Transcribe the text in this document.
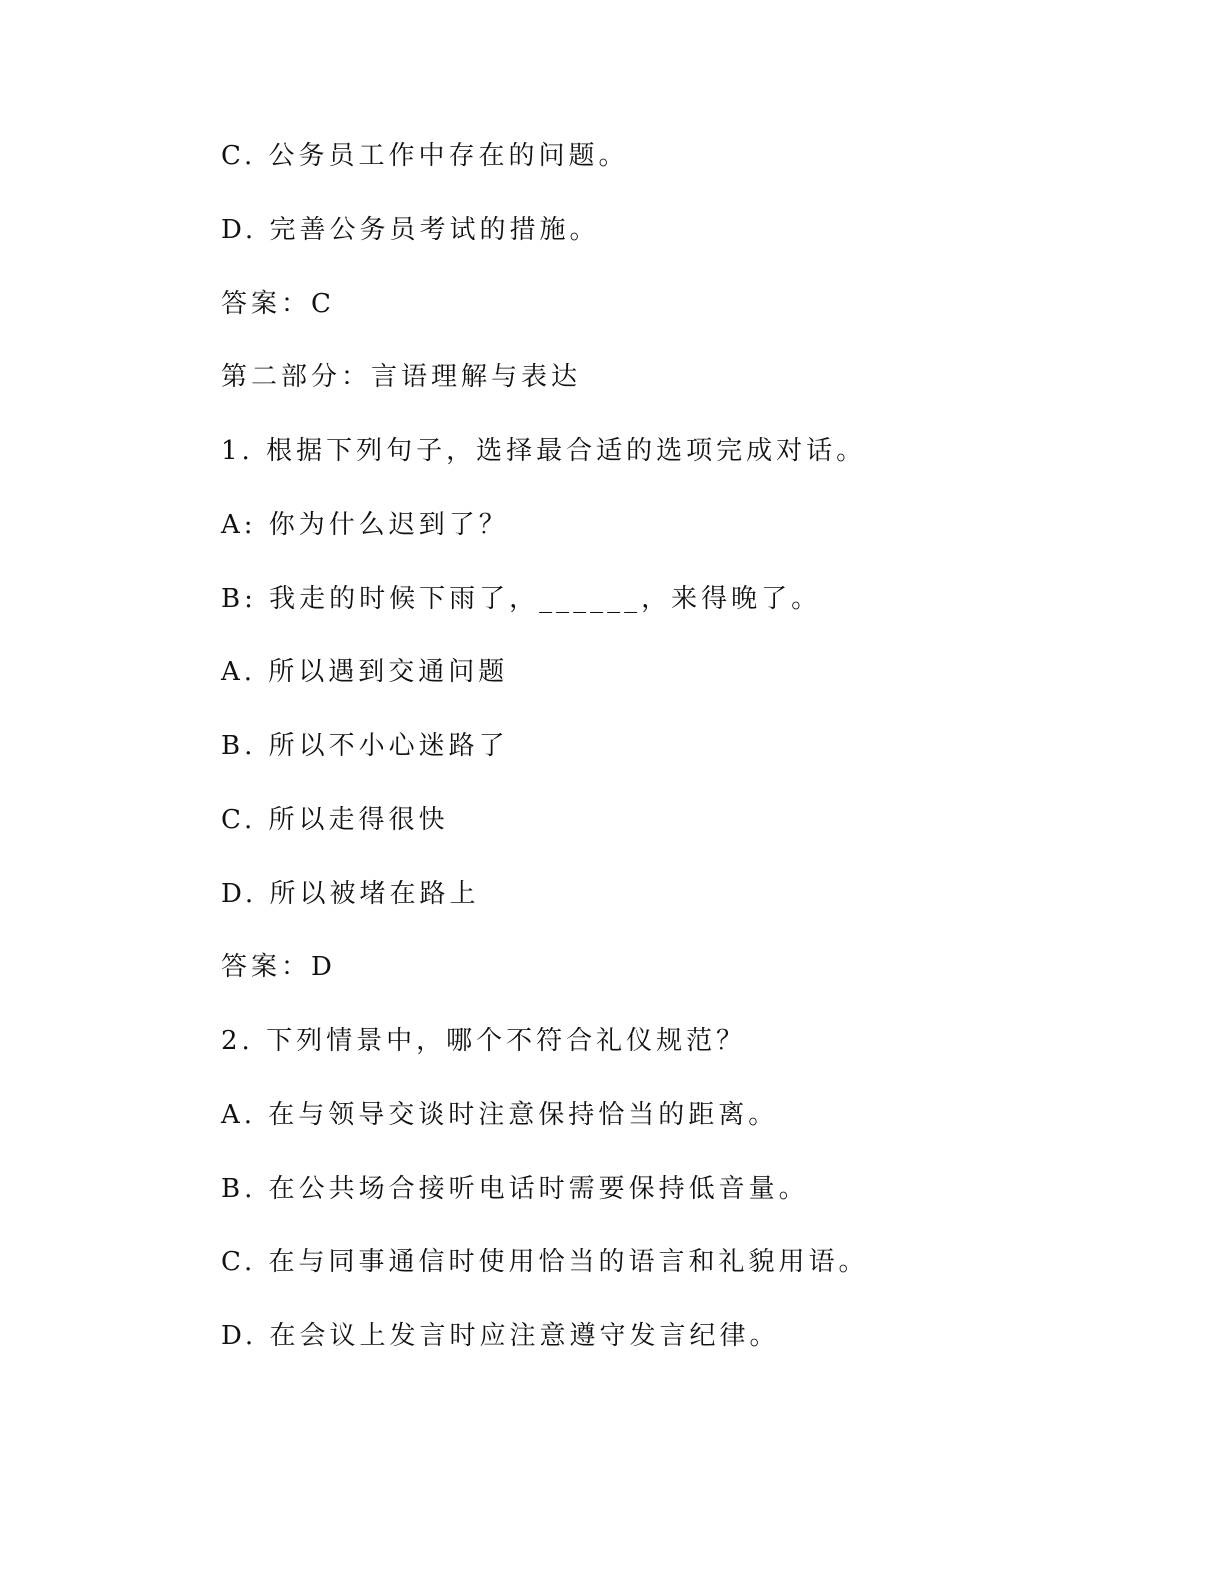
C. 公务员工作中存在的问题。
D. 完善公务员考试的措施。
答案：C
第二部分：言语理解与表达
1. 根据下列句子，选择最合适的选项完成对话。
A: 你为什么迟到了？
B: 我走的时候下雨了，______，来得晚了。
A. 所以遇到交通问题
B. 所以不小心迷路了
C. 所以走得很快
D. 所以被堵在路上
答案：D
2. 下列情景中，哪个不符合礼仪规范？
A. 在与领导交谈时注意保持恰当的距离。
B. 在公共场合接听电话时需要保持低音量。
C. 在与同事通信时使用恰当的语言和礼貌用语。
D. 在会议上发言时应注意遵守发言纪律。
